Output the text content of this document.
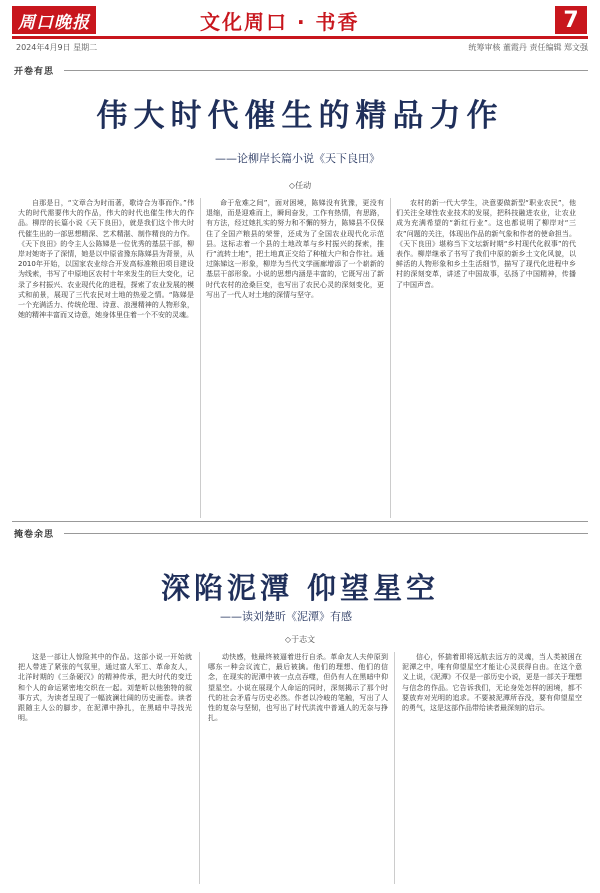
周口晚报	文化周口 · 书香	7
2024年4月9日 星期二	统筹审核 董霞丹 责任编辑 郑文强
开卷有思
伟大时代催生的精品力作
——论柳岸长篇小说《天下良田》
◇任动

自那是日，“文章合为时而著，歌诗合为事而作。”伟大的时代需要伟大的作品，伟大的时代也催生伟大的作品。柳岸的长篇小说《天下良田》，就是我们这个伟大时代催生出的一部思想精深、艺术精湛、制作精良的力作。《天下良田》的令主人公陈娣是一位优秀的基层干部，柳岸对她寄予了深情，她是以中原省豫东陈娣县为背景，从2010年开始，以国家农业综合开发高标准粮田项目建设为线索，书写了中原地区农村十年来发生的巨大变化，记录了乡村振兴、农业现代化的进程，探索了农业发展的模式和前景，展现了三代农民对土地的热爱之情。“陈娣是一个充满活力、传统伦理、诗意、浪漫精神的人物形象，她的精神丰富而又诗意，她身体里住着一个不安的灵魂。

命于危难之间”，面对困境，陈娣没有犹豫，更没有退缩，而是迎难而上，瞬间奋发，工作有热情，有思路，有方法，经过她扎实的努力和不懈的努力，陈娣县不仅保住了全国产粮县的荣誉，还成为了全国农业现代化示范县。这标志着一个县的土地改革与乡村振兴的探索，推行“流转土地”，把土地真正交给了种植大户和合作社。通过陈娣这一形象，柳岸为当代文学画廊增添了一个崭新的基层干部形象。小说的思想内涵是丰富的，它既写出了新时代农村的沧桑巨变，也写出了农民心灵的深刻变化，更写出了一代人对土地的深情与坚守。

农村的新一代大学生，决意要做新型“职业农民”，他们关注全球性农业技术的发展，把科技融进农业，让农业成为充满希望的“新红行业”。这也都说明了柳岸对“三农”问题的关注，体现出作品的新气象和作者的使命担当。《天下良田》堪称当下文坛新时期“乡村现代化叙事”的代表作。柳岸继承了书写了我们中原的新乡土文化风貌，以鲜活的人物形象和乡土生活细节，描写了现代化进程中乡村的深刻变革，讲述了中国故事，弘扬了中国精神，传播了中国声音。

掩卷余思
深陷泥潭 仰望星空
——读刘楚昕《泥潭》有感
◇于志文

这是一部让人惊险其中的作品。这部小说一开始就把人带进了紧张的气氛里，通过富人军工、革命友人，北洋时期的《三条硬汉》的精神传承，把大时代的变迁和个人的命运紧密地交织在一起。刘楚昕以他独特的叙事方式，为读者呈现了一幅波澜壮阔的历史画卷。读者跟随主人公的脚步，在泥潭中挣扎，在黑暗中寻找光明。

动快感，他最终被逼着进行自杀。革命友人夫仲原到哪东一种会议流亡，最后被擒。他们的理想、他们的信念，在现实的泥潭中被一点点吞噬，但仍有人在黑暗中仰望星空。小说在展现个人命运的同时，深刻揭示了那个时代的社会矛盾与历史必然。作者以冷峻的笔触，写出了人性的复杂与坚韧，也写出了时代洪流中普通人的无奈与挣扎。

信心，怀揣着即将远航去远方的灵魂，当人类被困在泥潭之中，唯有仰望星空才能让心灵获得自由。在这个意义上说，《泥潭》不仅是一部历史小说，更是一部关于理想与信念的作品。它告诉我们，无论身处怎样的困境，都不要放弃对光明的追求。不要被泥潭所吞没，要有仰望星空的勇气，这是这部作品带给读者最深刻的启示。
